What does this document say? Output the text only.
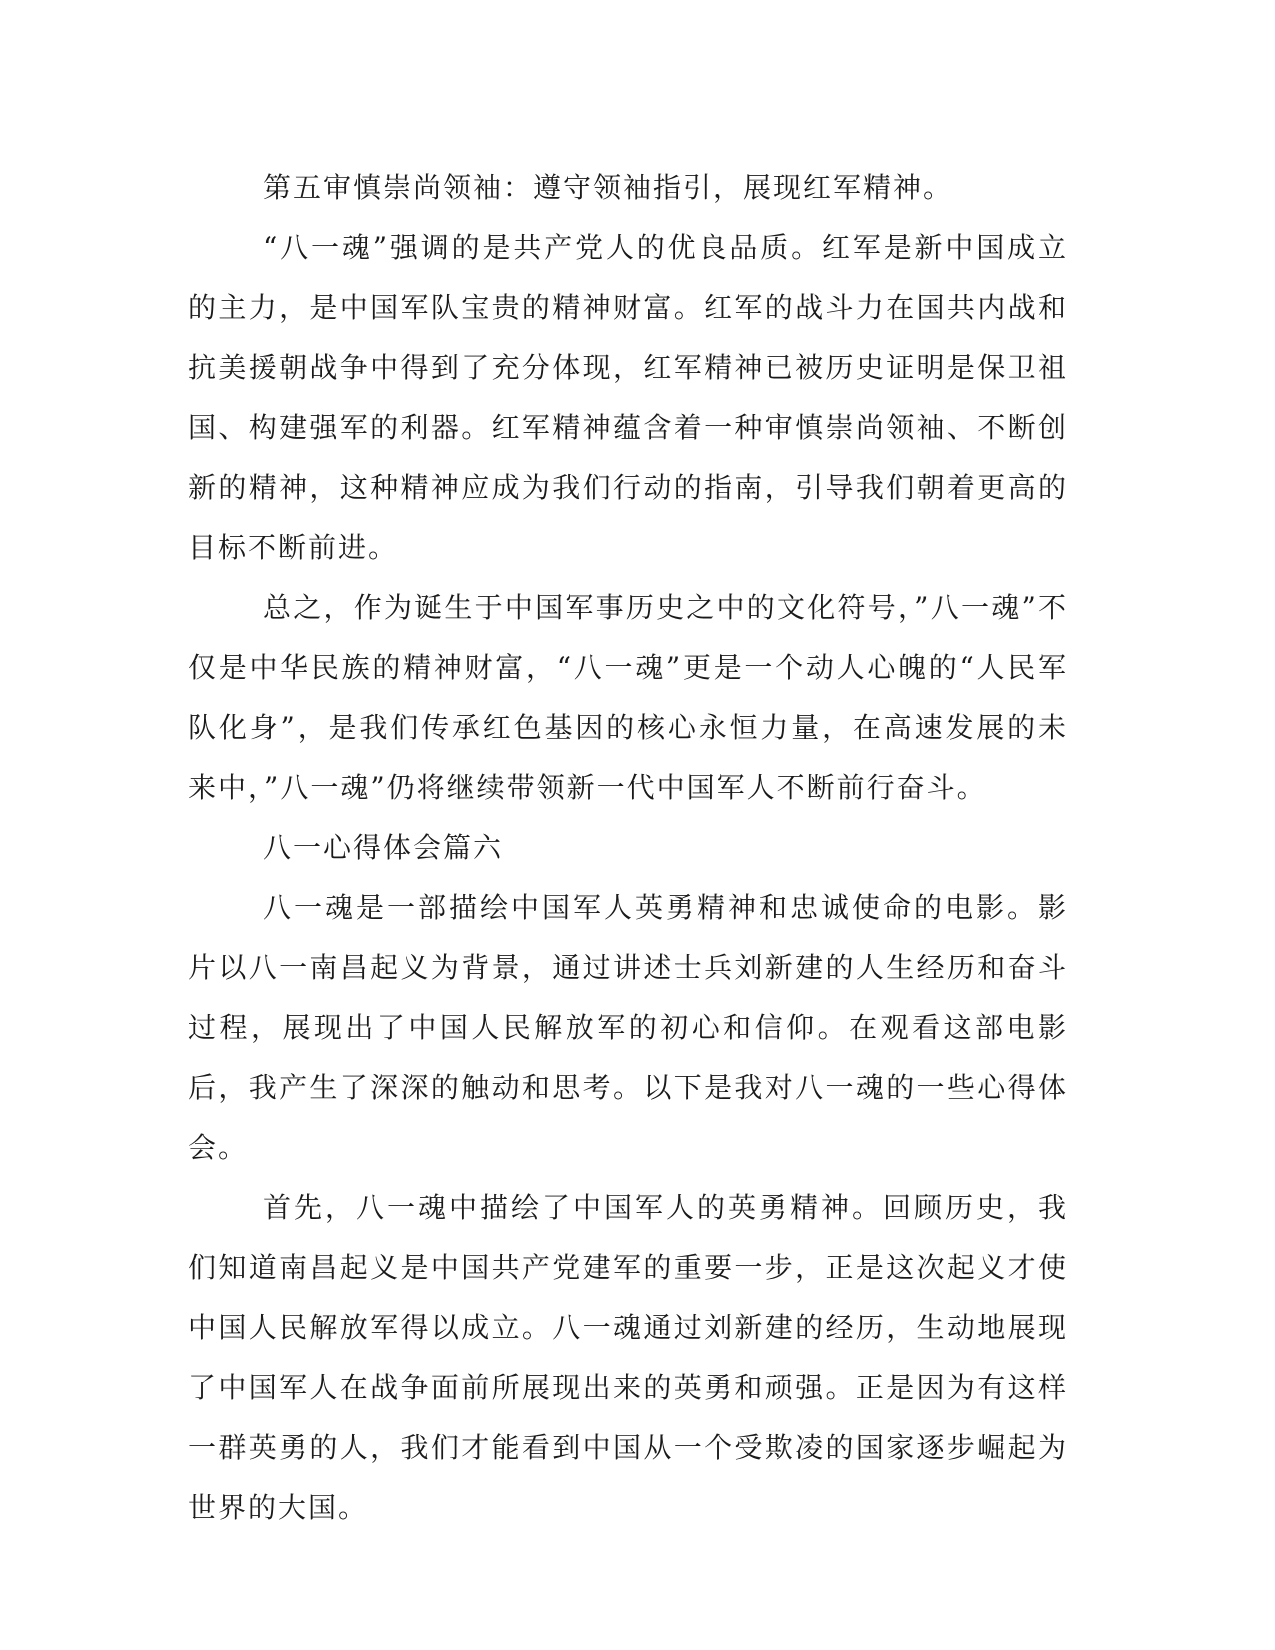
第五审慎崇尚领袖：遵守领袖指引，展现红军精神。

“八一魂”强调的是共产党人的优良品质。红军是新中国成立的主力，是中国军队宝贵的精神财富。红军的战斗力在国共内战和抗美援朝战争中得到了充分体现，红军精神已被历史证明是保卫祖国、构建强军的利器。红军精神蕴含着一种审慎崇尚领袖、不断创新的精神，这种精神应成为我们行动的指南，引导我们朝着更高的目标不断前进。

总之，作为诞生于中国军事历史之中的文化符号，”八一魂”不仅是中华民族的精神财富，“八一魂”更是一个动人心魄的“人民军队化身”，是我们传承红色基因的核心永恒力量，在高速发展的未来中，”八一魂”仍将继续带领新一代中国军人不断前行奋斗。

八一心得体会篇六

八一魂是一部描绘中国军人英勇精神和忠诚使命的电影。影片以八一南昌起义为背景，通过讲述士兵刘新建的人生经历和奋斗过程，展现出了中国人民解放军的初心和信仰。在观看这部电影后，我产生了深深的触动和思考。以下是我对八一魂的一些心得体会。

首先，八一魂中描绘了中国军人的英勇精神。回顾历史，我们知道南昌起义是中国共产党建军的重要一步，正是这次起义才使中国人民解放军得以成立。八一魂通过刘新建的经历，生动地展现了中国军人在战争面前所展现出来的英勇和顽强。正是因为有这样一群英勇的人，我们才能看到中国从一个受欺凌的国家逐步崛起为世界的大国。
